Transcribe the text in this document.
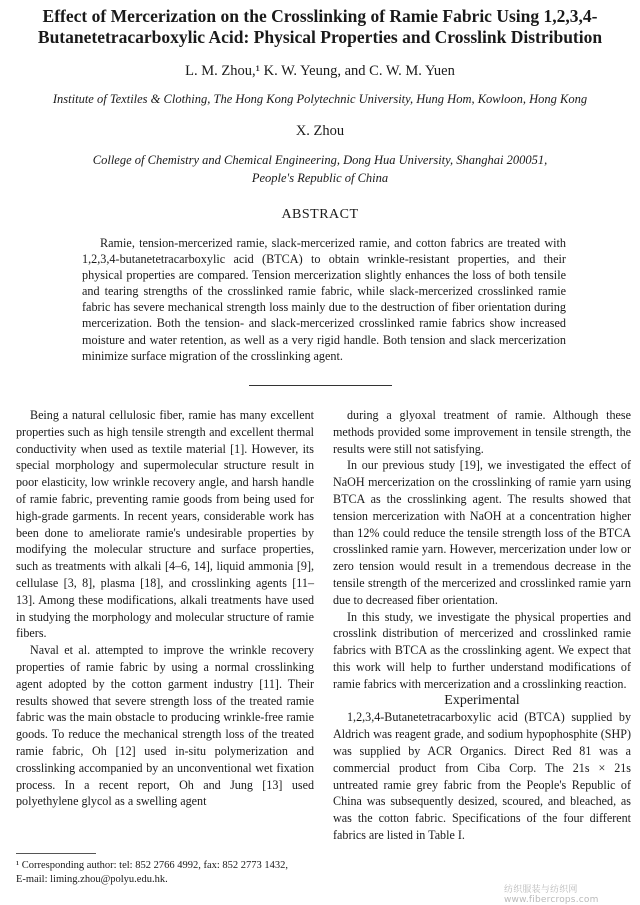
Effect of Mercerization on the Crosslinking of Ramie Fabric Using 1,2,3,4-
Butanetetracarboxylic Acid: Physical Properties and Crosslink Distribution
L. M. Zhou,¹ K. W. Yeung, and C. W. M. Yuen
Institute of Textiles & Clothing, The Hong Kong Polytechnic University, Hung Hom, Kowloon, Hong Kong
X. Zhou
College of Chemistry and Chemical Engineering, Dong Hua University, Shanghai 200051,
People's Republic of China
ABSTRACT
Ramie, tension-mercerized ramie, slack-mercerized ramie, and cotton fabrics are treated with 1,2,3,4-butanetetracarboxylic acid (BTCA) to obtain wrinkle-resistant properties, and their physical properties are compared. Tension mercerization slightly enhances the loss of both tensile and tearing strengths of the crosslinked ramie fabric, while slack-mercerized crosslinked ramie fabric has severe mechanical strength loss mainly due to the destruction of fiber orientation during mercerization. Both the tension- and slack-mercerized crosslinked ramie fabrics show increased moisture and water retention, as well as a very rigid handle. Both tension and slack mercerization minimize surface migration of the crosslinking agent.

Being a natural cellulosic fiber, ramie has many excellent properties such as high tensile strength and excellent thermal conductivity when used as textile material [1]. However, its special morphology and supermolecular structure result in poor elasticity, low wrinkle recovery angle, and harsh handle of ramie fabric, preventing ramie goods from being used for high-grade garments. In recent years, considerable work has been done to ameliorate ramie's undesirable properties by modifying the molecular structure and surface properties, such as treatments with alkali [4–6, 14], liquid ammonia [9], cellulase [3, 8], plasma [18], and crosslinking agents [11–13]. Among these modifications, alkali treatments have used in studying the morphology and molecular structure of ramie fibers.

Naval et al. attempted to improve the wrinkle recovery properties of ramie fabric by using a normal crosslinking agent adopted by the cotton garment industry [11]. Their results showed that severe strength loss of the treated ramie fabric was the main obstacle to producing wrinkle-free ramie goods. To reduce the mechanical strength loss of the treated ramie fabric, Oh [12] used in-situ polymerization and crosslinking accompanied by an unconventional wet fixation process. In a recent report, Oh and Jung [13] used polyethylene glycol as a swelling agent

during a glyoxal treatment of ramie. Although these methods provided some improvement in tensile strength, the results were still not satisfying.

In our previous study [19], we investigated the effect of NaOH mercerization on the crosslinking of ramie yarn using BTCA as the crosslinking agent. The results showed that tension mercerization with NaOH at a concentration higher than 12% could reduce the tensile strength loss of the BTCA crosslinked ramie yarn. However, mercerization under low or zero tension would result in a tremendous decrease in the tensile strength of the mercerized and crosslinked ramie yarn due to decreased fiber orientation.

In this study, we investigate the physical properties and crosslink distribution of mercerized and crosslinked ramie fabrics with BTCA as the crosslinking agent. We expect that this work will help to further understand modifications of ramie fabrics with mercerization and a crosslinking reaction.

Experimental

1,2,3,4-Butanetetracarboxylic acid (BTCA) supplied by Aldrich was reagent grade, and sodium hypophosphite (SHP) was supplied by ACR Organics. Direct Red 81 was a commercial product from Ciba Corp. The 21s × 21s untreated ramie grey fabric from the People's Republic of China was subsequently desized, scoured, and bleached, as was the cotton fabric. Specifications of the four different fabrics are listed in Table I.

¹ Corresponding author: tel: 852 2766 4992, fax: 852 2773 1432,
E-mail: liming.zhou@polyu.edu.hk.
纺织服装与纺织网 www.fibercrops.com
